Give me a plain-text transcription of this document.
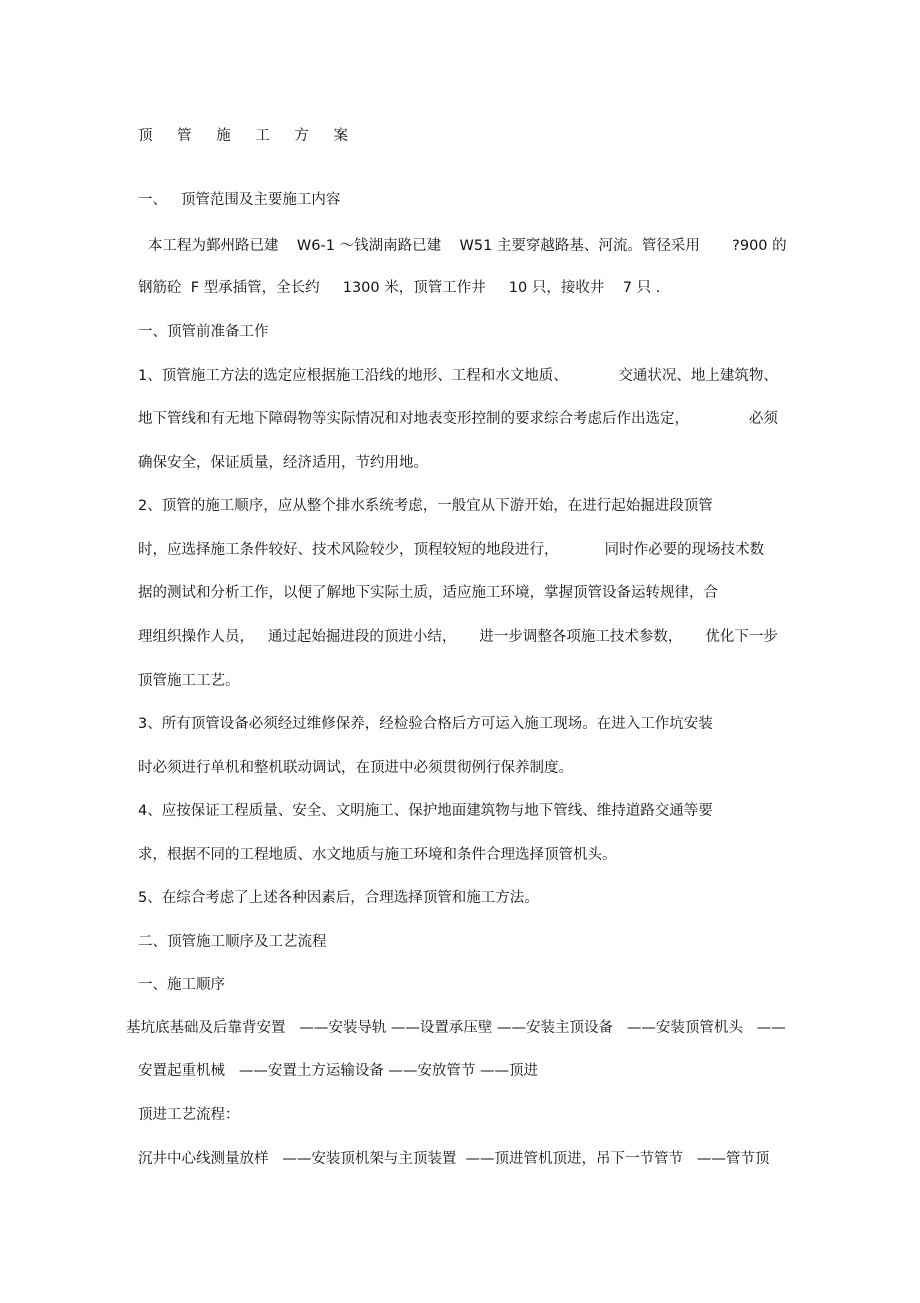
顶 管 施 工 方 案
一、   顶管范围及主要施工内容
本工程为鄞州路已建    W6-1 ～钱湖南路已建    W51 主要穿越路基、河流。管径采用       ?900 的
钢筋砼  F 型承插管，全长约     1300 米，顶管工作井     10 只，接收井    7 只 .
一、顶管前准备工作
1、顶管施工方法的选定应根据施工沿线的地形、工程和水文地质、           交通状况、地上建筑物、
地下管线和有无地下障碍物等实际情况和对地表变形控制的要求综合考虑后作出选定，             必须
确保安全，保证质量，经济适用，节约用地。
2、顶管的施工顺序，应从整个排水系统考虑，一般宜从下游开始，在进行起始掘进段顶管
时，应选择施工条件较好、技术风险较少，顶程较短的地段进行，          同时作必要的现场技术数
据的测试和分析工作，以便了解地下实际土质，适应施工环境，掌握顶管设备运转规律，合
理组织操作人员，   通过起始掘进段的顶进小结，     进一步调整各项施工技术参数，     优化下一步
顶管施工工艺。
3、所有顶管设备必须经过维修保养，经检验合格后方可运入施工现场。在进入工作坑安装
时必须进行单机和整机联动调试，在顶进中必须贯彻例行保养制度。
4、应按保证工程质量、安全、文明施工、保护地面建筑物与地下管线、维持道路交通等要
求，根据不同的工程地质、水文地质与施工环境和条件合理选择顶管机头。
5、在综合考虑了上述各种因素后，合理选择顶管和施工方法。
二、顶管施工顺序及工艺流程
一、施工顺序
基坑底基础及后靠背安置   ——安装导轨 ——设置承压壁 ——安装主顶设备   ——安装顶管机头   ——
安置起重机械   ——安置土方运输设备 ——安放管节 ——顶进
顶进工艺流程：
沉井中心线测量放样   ——安装顶机架与主顶装置  ——顶进管机顶进，吊下一节管节   ——管节顶
